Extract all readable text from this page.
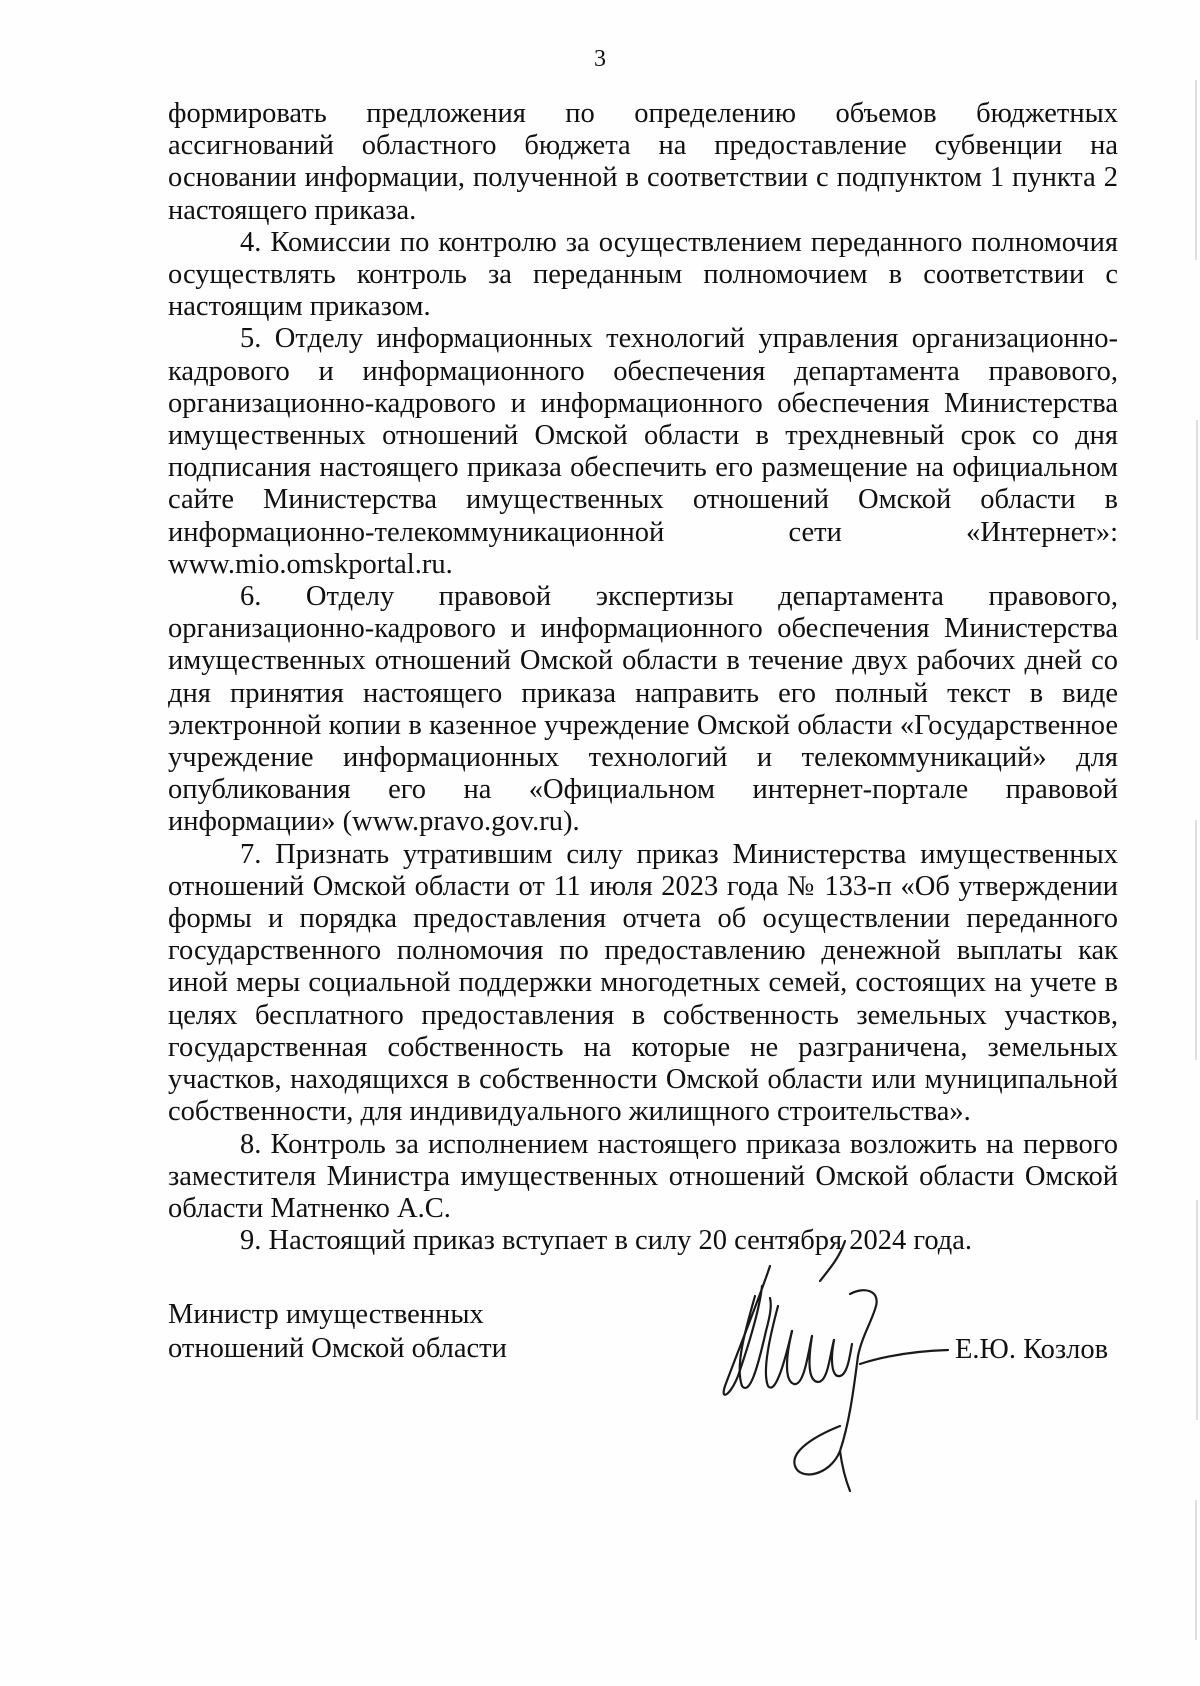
3

формировать предложения по определению объемов бюджетных ассигнований областного бюджета на предоставление субвенции на основании информации, полученной в соответствии с подпунктом 1 пункта 2 настоящего приказа.

4. Комиссии по контролю за осуществлением переданного полномочия осуществлять контроль за переданным полномочием в соответствии с настоящим приказом.

5. Отделу информационных технологий управления организационно-кадрового и информационного обеспечения департамента правового, организационно-кадрового и информационного обеспечения Министерства имущественных отношений Омской области в трехдневный срок со дня подписания настоящего приказа обеспечить его размещение на официальном сайте Министерства имущественных отношений Омской области в информационно-телекоммуникационной сети «Интернет»: www.mio.omskportal.ru.

6. Отделу правовой экспертизы департамента правового, организационно-кадрового и информационного обеспечения Министерства имущественных отношений Омской области в течение двух рабочих дней со дня принятия настоящего приказа направить его полный текст в виде электронной копии в казенное учреждение Омской области «Государственное учреждение информационных технологий и телекоммуникаций» для опубликования его на «Официальном интернет-портале правовой информации» (www.pravo.gov.ru).

7. Признать утратившим силу приказ Министерства имущественных отношений Омской области от 11 июля 2023 года № 133-п «Об утверждении формы и порядка предоставления отчета об осуществлении переданного государственного полномочия по предоставлению денежной выплаты как иной меры социальной поддержки многодетных семей, состоящих на учете в целях бесплатного предоставления в собственность земельных участков, государственная собственность на которые не разграничена, земельных участков, находящихся в собственности Омской области или муниципальной собственности, для индивидуального жилищного строительства».

8. Контроль за исполнением настоящего приказа возложить на первого заместителя Министра имущественных отношений Омской области Омской области Матненко А.С.

9. Настоящий приказ вступает в силу 20 сентября 2024 года.

Министр имущественных
отношений Омской области	Е.Ю. Козлов
